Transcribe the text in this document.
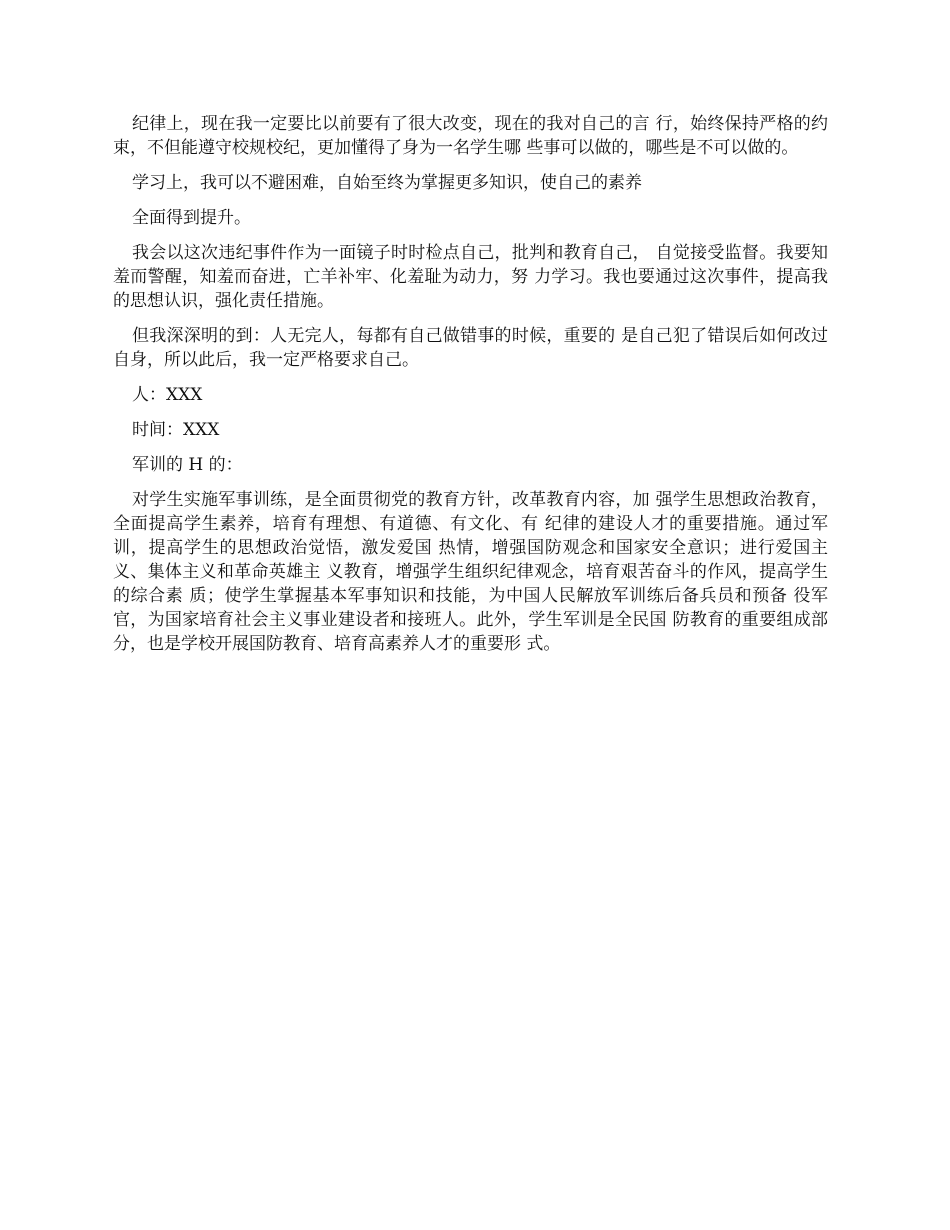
纪律上，现在我一定要比以前要有了很大改变，现在的我对自己的言 行，始终保持严格的约束，不但能遵守校规校纪，更加懂得了身为一名学生哪 些事可以做的，哪些是不可以做的。

学习上，我可以不避困难，自始至终为掌握更多知识，使自己的素养

全面得到提升。

我会以这次违纪事件作为一面镜子时时检点自己，批判和教育自己， 自觉接受监督。我要知羞而警醒，知羞而奋进，亡羊补牢、化羞耻为动力，努 力学习。我也要通过这次事件，提高我的思想认识，强化责任措施。

但我深深明的到：人无完人，每都有自己做错事的时候，重要的 是自己犯了错误后如何改过自身，所以此后，我一定严格要求自己。

人：XXX

时间：XXX

军训的 H 的：

对学生实施军事训练，是全面贯彻党的教育方针，改革教育内容，加 强学生思想政治教育，全面提高学生素养，培育有理想、有道德、有文化、有 纪律的建设人才的重要措施。通过军训，提高学生的思想政治觉悟，激发爱国 热情，增强国防观念和国家安全意识；进行爱国主义、集体主义和革命英雄主 义教育，增强学生组织纪律观念，培育艰苦奋斗的作风，提高学生的综合素 质；使学生掌握基本军事知识和技能，为中国人民解放军训练后备兵员和预备 役军官，为国家培育社会主义事业建设者和接班人。此外，学生军训是全民国 防教育的重要组成部分，也是学校开展国防教育、培育高素养人才的重要形 式。
